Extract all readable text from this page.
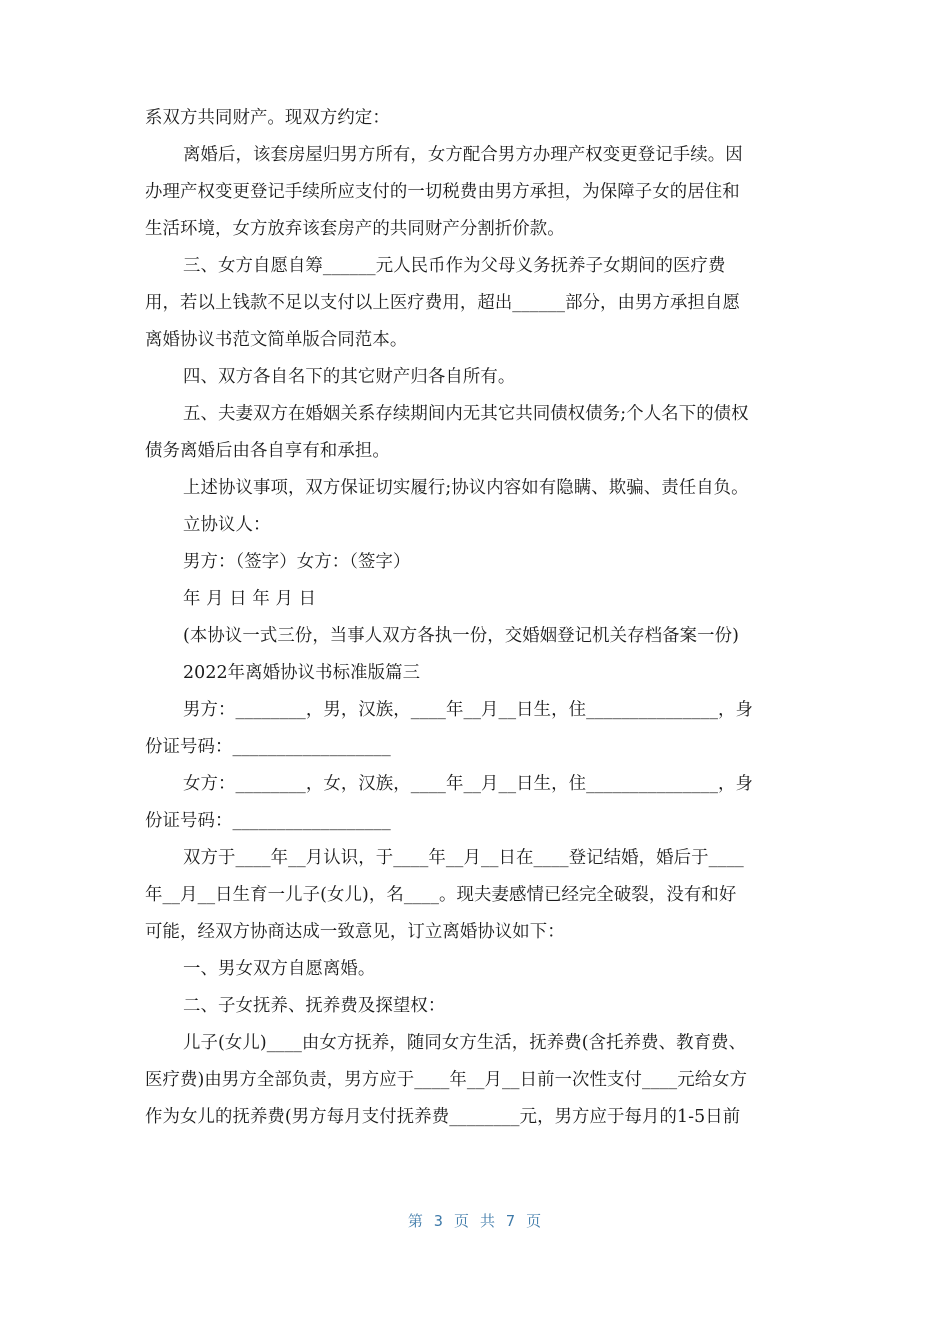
系双方共同财产。现双方约定：
离婚后，该套房屋归男方所有，女方配合男方办理产权变更登记手续。因
办理产权变更登记手续所应支付的一切税费由男方承担，为保障子女的居住和
生活环境，女方放弃该套房产的共同财产分割折价款。
三、女方自愿自筹______元人民币作为父母义务抚养子女期间的医疗费
用，若以上钱款不足以支付以上医疗费用，超出______部分，由男方承担自愿
离婚协议书范文简单版合同范本。
四、双方各自名下的其它财产归各自所有。
五、夫妻双方在婚姻关系存续期间内无其它共同债权债务;个人名下的债权
债务离婚后由各自享有和承担。
上述协议事项，双方保证切实履行;协议内容如有隐瞒、欺骗、责任自负。
立协议人：
男方：（签字）女方：（签字）
年 月 日 年 月 日
(本协议一式三份，当事人双方各执一份，交婚姻登记机关存档备案一份)
2022年离婚协议书标准版篇三
男方：________，男，汉族，____年__月__日生，住_______________，身
份证号码：__________________
女方：________，女，汉族，____年__月__日生，住_______________，身
份证号码：__________________
双方于____年__月认识，于____年__月__日在____登记结婚，婚后于____
年__月__日生育一儿子(女儿)，名____。现夫妻感情已经完全破裂，没有和好
可能，经双方协商达成一致意见，订立离婚协议如下：
一、男女双方自愿离婚。
二、子女抚养、抚养费及探望权：
儿子(女儿)____由女方抚养，随同女方生活，抚养费(含托养费、教育费、
医疗费)由男方全部负责，男方应于____年__月__日前一次性支付____元给女方
作为女儿的抚养费(男方每月支付抚养费________元，男方应于每月的1-5日前
第 3 页 共 7 页
